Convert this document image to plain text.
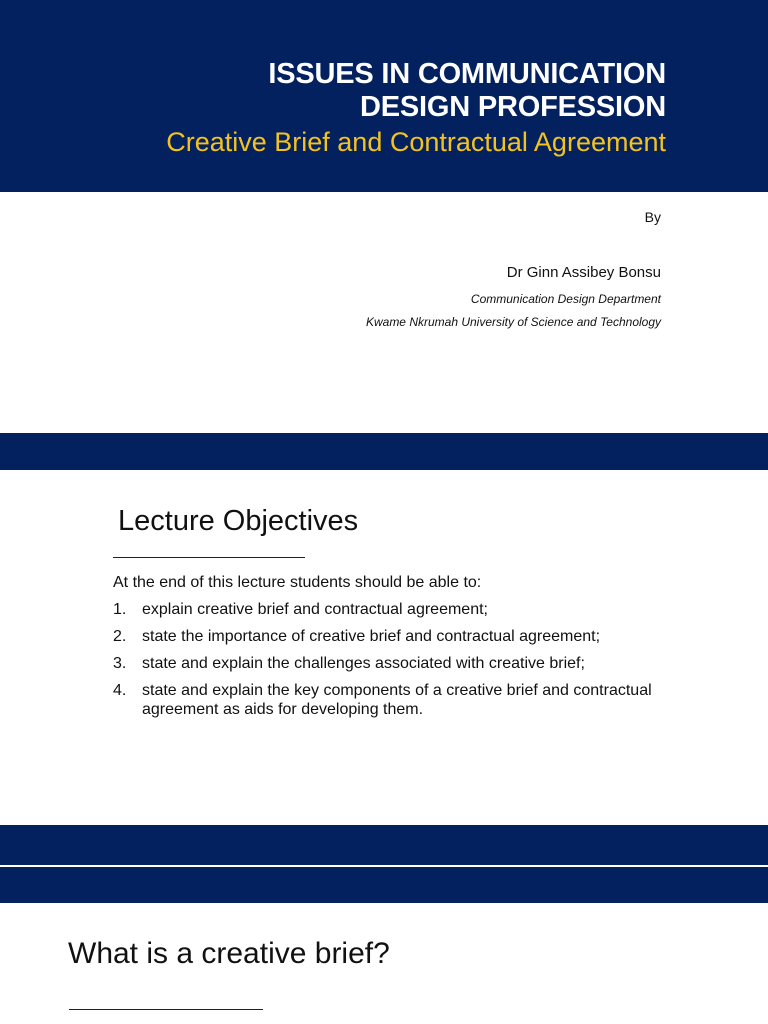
ISSUES IN COMMUNICATION
DESIGN PROFESSION
Creative Brief and Contractual Agreement
By
Dr Ginn Assibey Bonsu
Communication Design Department
Kwame Nkrumah University of Science and Technology
Lecture Objectives
At the end of this lecture students should be able to:
1. explain creative brief and contractual agreement;
2. state the importance of creative brief and contractual agreement;
3. state and explain the challenges associated with creative brief;
4. state and explain the key components of a creative brief and contractual agreement as aids for developing them.
What is a creative brief?
